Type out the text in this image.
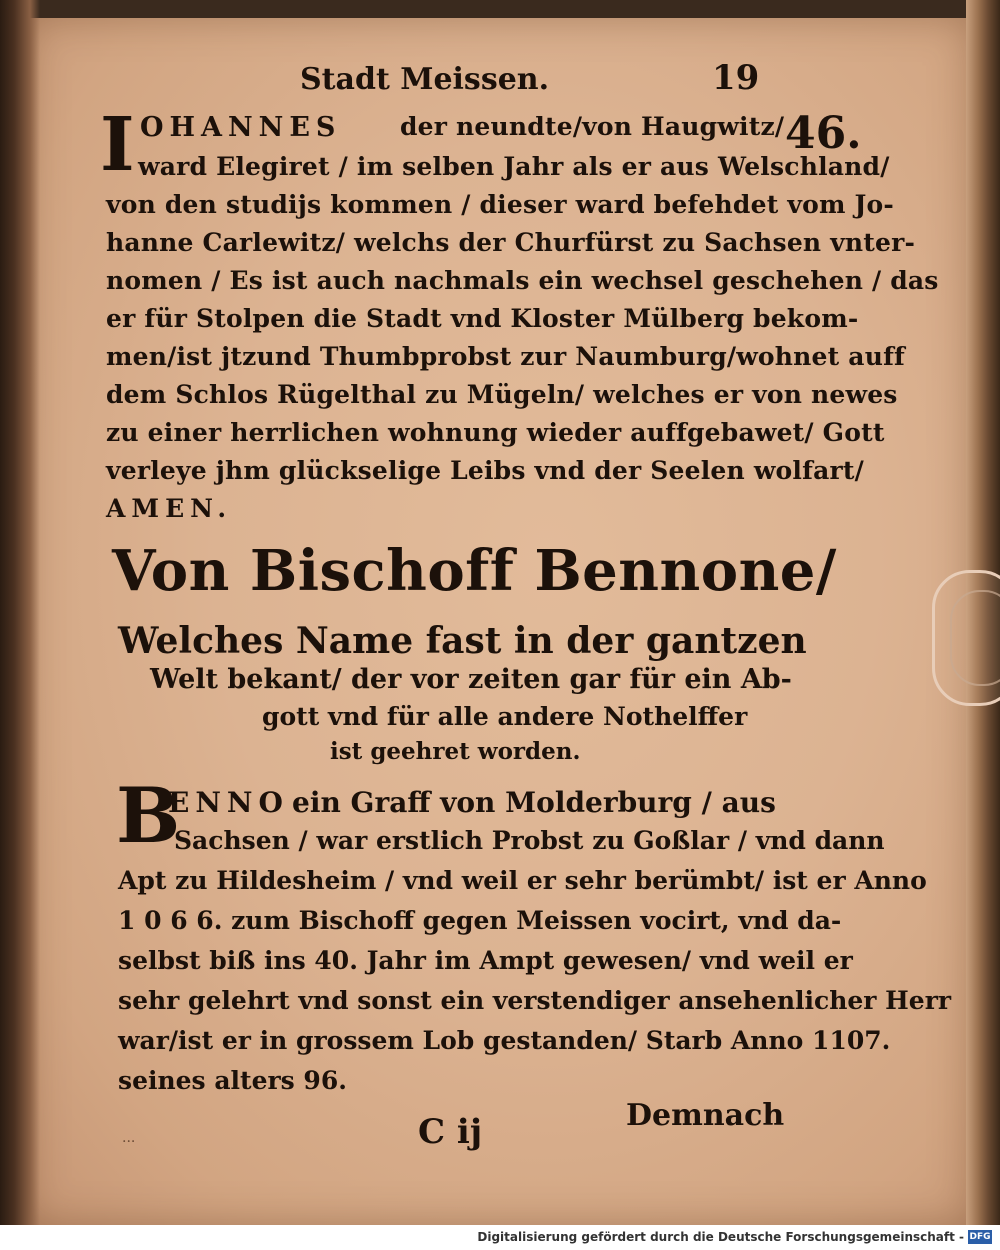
Stadt Meissen.	19
46.
I OHANNES der neundte/von Haugwitz/
ward Elegiret / im selben Jahr als er aus Welschland/
von den studijs kommen / dieser ward befehdet vom Jo-
hanne Carlewitz/ welchs der Churfürst zu Sachsen vnter-
nomen / Es ist auch nachmals ein wechsel geschehen / das
er für Stolpen die Stadt vnd Kloster Mülberg bekom-
men/ist jtzund Thumbprobst zur Naumburg/wohnet auff
dem Schlos Rügelthal zu Mügeln/ welches er von newes
zu einer herrlichen wohnung wieder auffgebawet/ Gott
verleye jhm glückselige Leibs vnd der Seelen wolfart/
AMEN.
Von Bischoff Bennone/
Welches Name fast in der gantzen
Welt bekant/ der vor zeiten gar für ein Ab-
gott vnd für alle andere Nothelffer
ist geehret worden.
B
ENNO ein Graff von Molderburg / aus
Sachsen / war erstlich Probst zu Goßlar / vnd dann
Apt zu Hildesheim / vnd weil er sehr berümbt/ ist er Anno
1 0 6 6. zum Bischoff gegen Meissen vocirt, vnd da-
selbst biß ins 40. Jahr im Ampt gewesen/ vnd weil er
sehr gelehrt vnd sonst ein verstendiger ansehenlicher Herr
war/ist er in grossem Lob gestanden/ Starb Anno 1107.
seines alters 96.
C ij	Demnach
...
Digitalisierung gefördert durch die Deutsche Forschungsgemeinschaft - DFG
